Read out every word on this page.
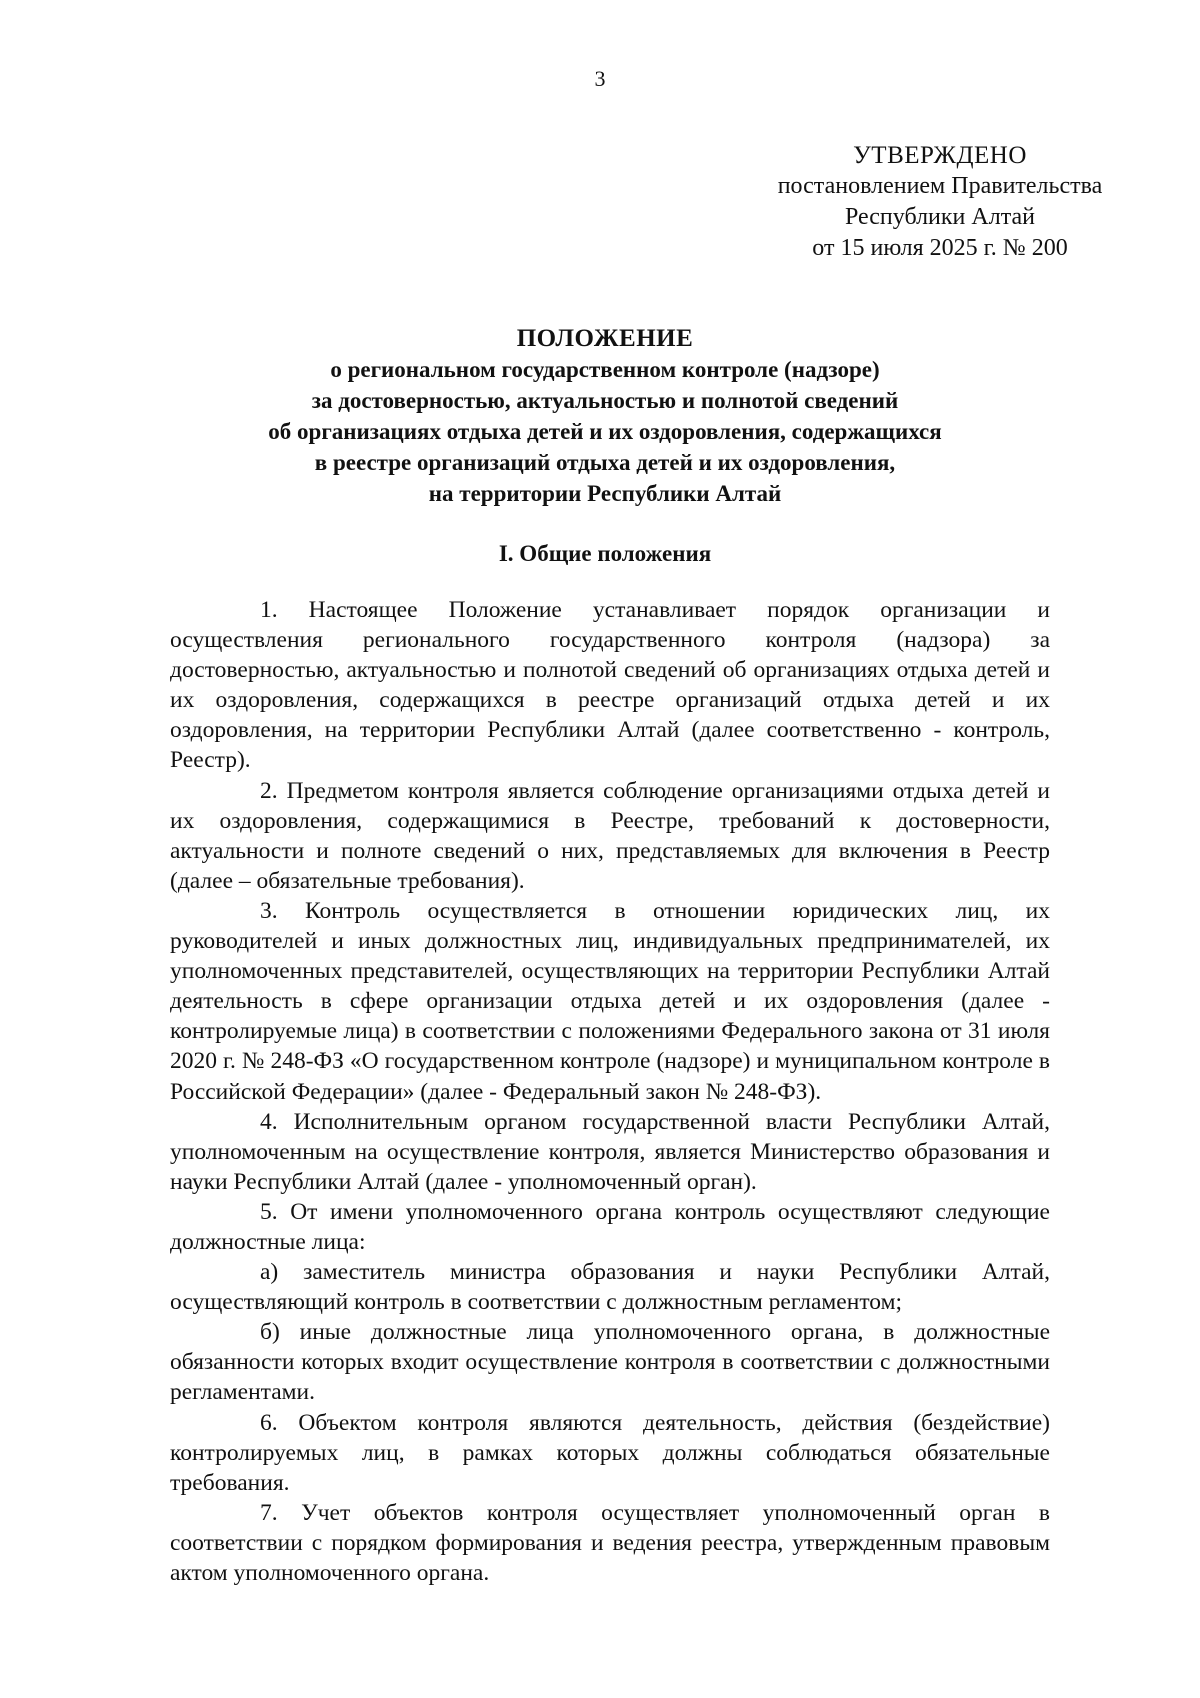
3
УТВЕРЖДЕНО
постановлением Правительства
Республики Алтай
от 15 июля 2025 г. № 200
ПОЛОЖЕНИЕ
о региональном государственном контроле (надзоре)
за достоверностью, актуальностью и полнотой сведений
об организациях отдыха детей и их оздоровления, содержащихся
в реестре организаций отдыха детей и их оздоровления,
на территории Республики Алтай
I. Общие положения

1. Настоящее Положение устанавливает порядок организации и осуществления регионального государственного контроля (надзора) за достоверностью, актуальностью и полнотой сведений об организациях отдыха детей и их оздоровления, содержащихся в реестре организаций отдыха детей и их оздоровления, на территории Республики Алтай (далее соответственно - контроль, Реестр).

2. Предметом контроля является соблюдение организациями отдыха детей и их оздоровления, содержащимися в Реестре, требований к достоверности, актуальности и полноте сведений о них, представляемых для включения в Реестр (далее – обязательные требования).

3. Контроль осуществляется в отношении юридических лиц, их руководителей и иных должностных лиц, индивидуальных предпринимателей, их уполномоченных представителей, осуществляющих на территории Республики Алтай деятельность в сфере организации отдыха детей и их оздоровления (далее - контролируемые лица) в соответствии с положениями Федерального закона от 31 июля 2020 г. № 248-ФЗ «О государственном контроле (надзоре) и муниципальном контроле в Российской Федерации» (далее - Федеральный закон № 248-ФЗ).

4. Исполнительным органом государственной власти Республики Алтай, уполномоченным на осуществление контроля, является Министерство образования и науки Республики Алтай (далее - уполномоченный орган).

5. От имени уполномоченного органа контроль осуществляют следующие должностные лица:

а) заместитель министра образования и науки Республики Алтай, осуществляющий контроль в соответствии с должностным регламентом;

б) иные должностные лица уполномоченного органа, в должностные обязанности которых входит осуществление контроля в соответствии с должностными регламентами.

6. Объектом контроля являются деятельность, действия (бездействие) контролируемых лиц, в рамках которых должны соблюдаться обязательные требования.

7. Учет объектов контроля осуществляет уполномоченный орган в соответствии с порядком формирования и ведения реестра, утвержденным правовым актом уполномоченного органа.
